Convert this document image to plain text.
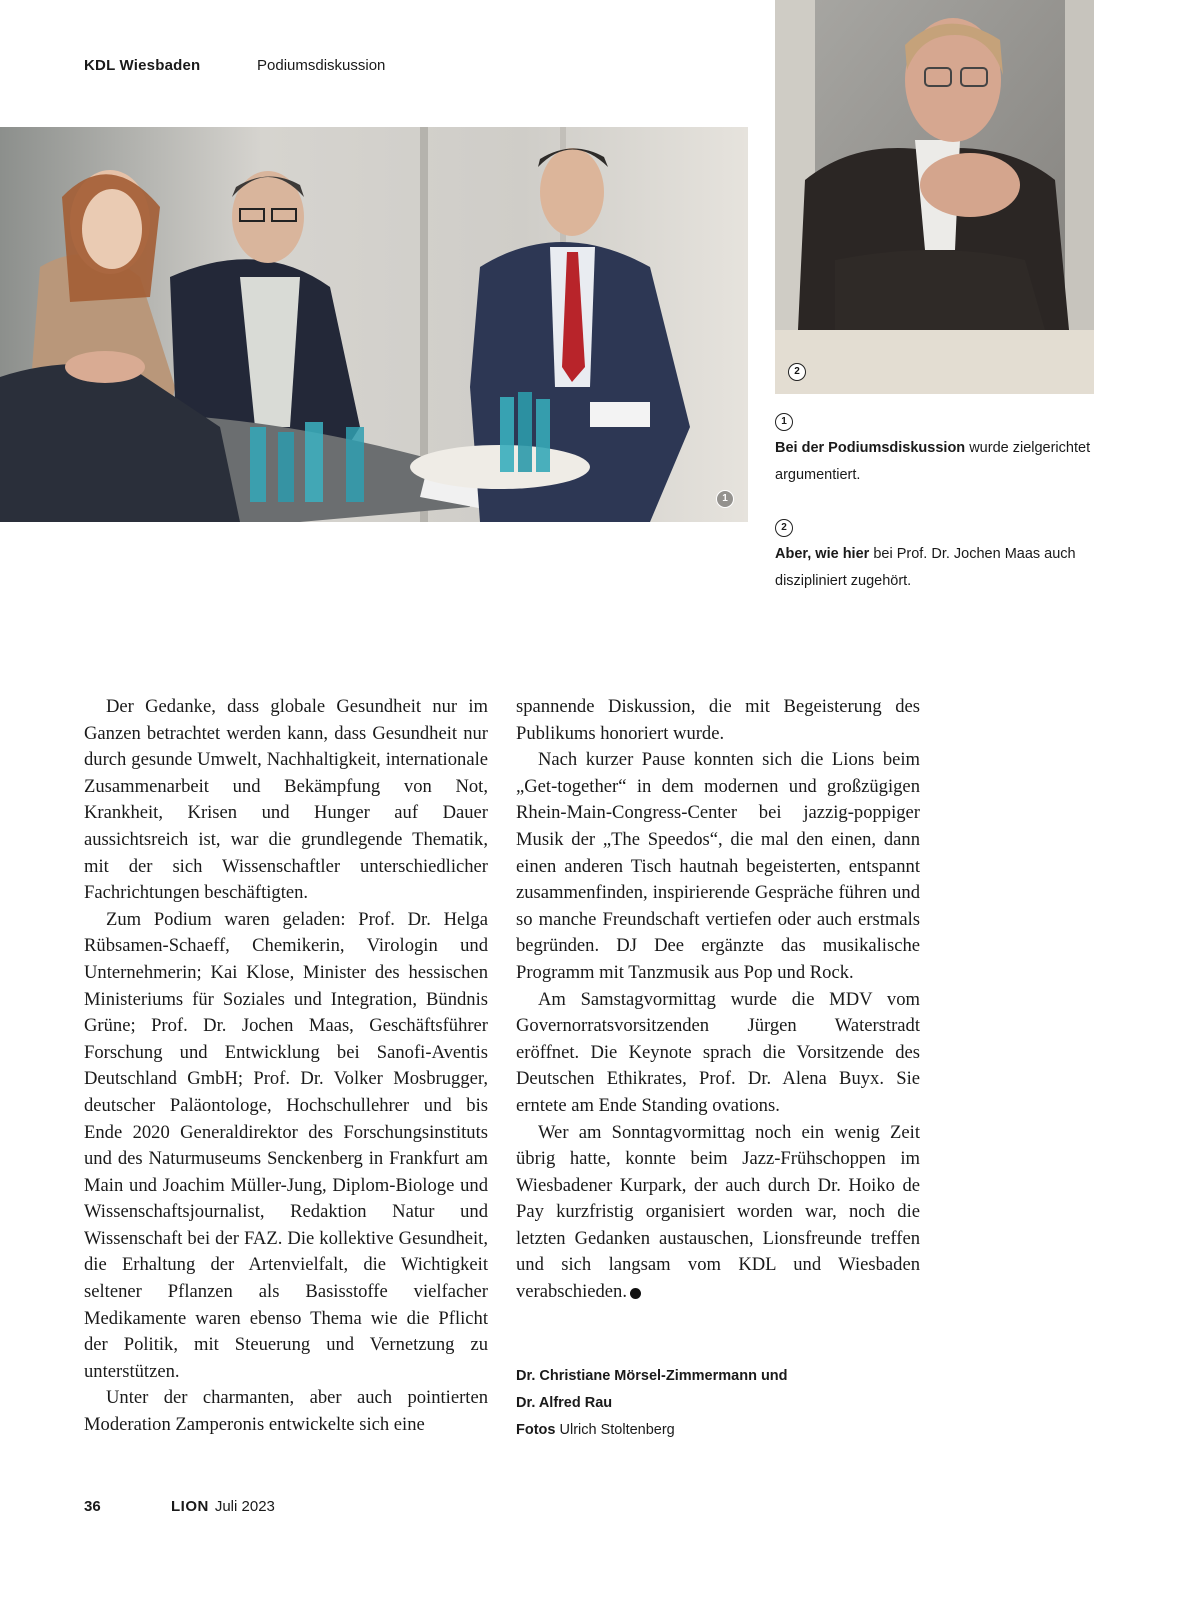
KDL Wiesbaden	Podiumsdiskussion
1
2
1
Bei der Podiumsdiskussion wurde zielgerichtet argumentiert.
2
Aber, wie hier bei Prof. Dr. Jochen Maas auch diszipliniert zugehört.

Der Gedanke, dass globale Gesundheit nur im Ganzen betrachtet werden kann, dass Gesundheit nur durch gesunde Umwelt, Nachhaltigkeit, internationale Zusammenarbeit und Bekämpfung von Not, Krankheit, Krisen und Hunger auf Dauer aussichtsreich ist, war die grundlegende Thematik, mit der sich Wissenschaftler unterschiedlicher Fachrichtungen beschäftigten.

Zum Podium waren geladen: Prof. Dr. Helga Rübsamen-Schaeff, Chemikerin, Virologin und Unternehmerin; Kai Klose, Minister des hessischen Ministeriums für Soziales und Integration, Bündnis Grüne; Prof. Dr. Jochen Maas, Geschäftsführer Forschung und Entwicklung bei Sanofi-Aventis Deutschland GmbH; Prof. Dr. Volker Mosbrugger, deutscher Paläontologe, Hochschullehrer und bis Ende 2020 Generaldirektor des Forschungsinstituts und des Naturmuseums Senckenberg in Frankfurt am Main und Joachim Müller-Jung, Diplom-Biologe und Wissenschaftsjournalist, Redaktion Natur und Wissenschaft bei der FAZ. Die kollektive Gesundheit, die Erhaltung der Artenvielfalt, die Wichtigkeit seltener Pflanzen als Basisstoffe vielfacher Medikamente waren ebenso Thema wie die Pflicht der Politik, mit Steuerung und Vernetzung zu unterstützen.

Unter der charmanten, aber auch pointierten Moderation Zamperonis entwickelte sich eine

spannende Diskussion, die mit Begeisterung des Publikums honoriert wurde.

Nach kurzer Pause konnten sich die Lions beim „Get-together“ in dem modernen und großzügigen Rhein-Main-Congress-Center bei jazzig-poppiger Musik der „The Speedos“, die mal den einen, dann einen anderen Tisch hautnah begeisterten, entspannt zusammenfinden, inspirierende Gespräche führen und so manche Freundschaft vertiefen oder auch erstmals begründen. DJ Dee ergänzte das musikalische Programm mit Tanzmusik aus Pop und Rock.

Am Samstagvormittag wurde die MDV vom Governorratsvorsitzenden Jürgen Waterstradt eröffnet. Die Keynote sprach die Vorsitzende des Deutschen Ethikrates, Prof. Dr. Alena Buyx. Sie erntete am Ende Standing ovations.

Wer am Sonntagvormittag noch ein wenig Zeit übrig hatte, konnte beim Jazz-Frühschoppen im Wiesbadener Kurpark, der auch durch Dr. Hoiko de Pay kurzfristig organisiert worden war, noch die letzten Gedanken austauschen, Lionsfreunde treffen und sich langsam vom KDL und Wiesbaden verabschieden.	L

Dr. Christiane Mörsel-Zimmermann und
Dr. Alfred Rau
Fotos Ulrich Stoltenberg
36	LION Juli 2023
